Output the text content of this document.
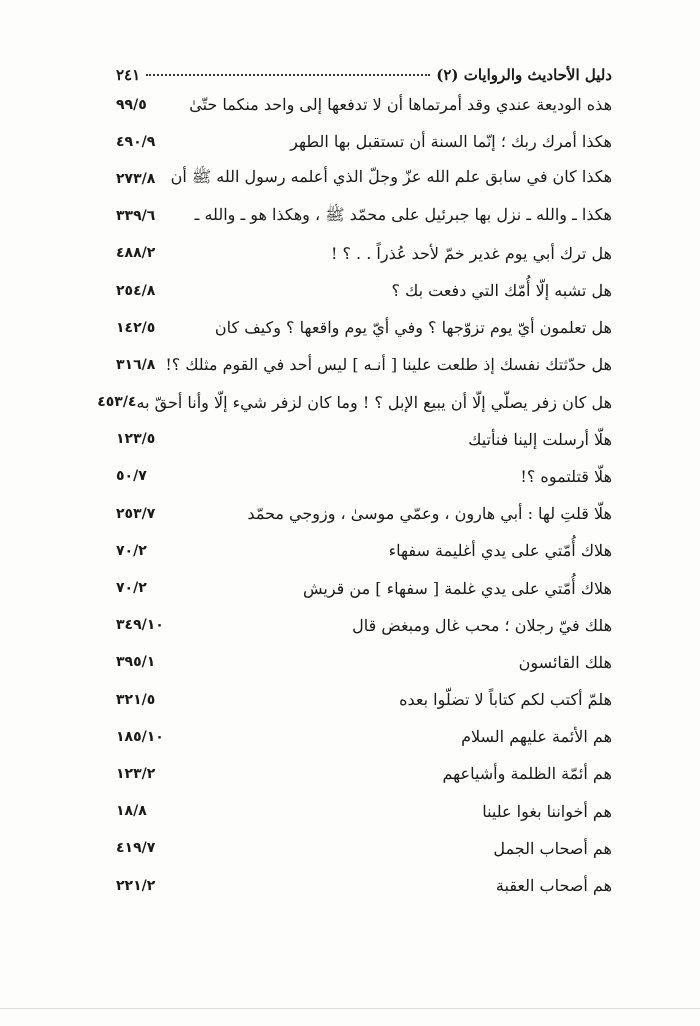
دليل الأحاديث والروايات (٢)
٢٤١
هذه الوديعة عندي وقد أمرتماها أن لا تدفعها إلى واحد منكما حتّىٰ
٩٩/٥
هكذا أمرك ربك ؛ إنّما السنة أن تستقبل بها الطهر
٤٩٠/٩
هكذا كان في سابق علم الله عزّ وجلّ الذي أعلمه رسول الله ﷺ أن
٢٧٣/٨
هكذا ـ والله ـ نزل بها جبرئيل على محمّد ﷺ ، وهكذا هو ـ والله ـ
٣٣٩/٦
هل ترك أبي يوم غدير خمّ لأحد عُذراً . . ؟ !
٤٨٨/٢
هل تشبه إلّا أُمّك التي دفعت بك ؟
٢٥٤/٨
هل تعلمون أيّ يوم تزوّجها ؟ وفي أيّ يوم واقعها ؟ وكيف كان
١٤٢/٥
هل حدّثتك نفسك إذ طلعت علينا [ أنـه ] ليس أحد في القوم مثلك ؟!
٣١٦/٨
هل كان زفر يصلّي إلّا أن يبيع الإبل ؟ ! وما كان لزفر شيء إلّا وأنا أحقّ به
٤٥٣/٤
هلّا أرسلت إلينا فنأتيك
١٢٣/٥
هلّا قتلتموه ؟!
٥٠/٧
هلّا قلتِ لها : أبي هارون ، وعمّي موسىٰ ، وزوجي محمّد
٢٥٣/٧
هلاك أُمّتي على يدي أغليمة سفهاء
٧٠/٢
هلاك أُمّتي على يدي غلمة [ سفهاء ] من قريش
٧٠/٢
هلك فيّ رجلان ؛ محب غال ومبغض قال
٣٤٩/١٠
هلك القائسون
٣٩٥/١
هلمّ أكتب لكم كتاباً لا تضلّوا بعده
٣٢١/٥
هم الأئمة عليهم السلام
١٨٥/١٠
هم أئمّة الظلمة وأشياعهم
١٢٣/٢
هم أخواننا بغوا علينا
١٨/٨
هم أصحاب الجمل
٤١٩/٧
هم أصحاب العقبة
٢٢١/٢
